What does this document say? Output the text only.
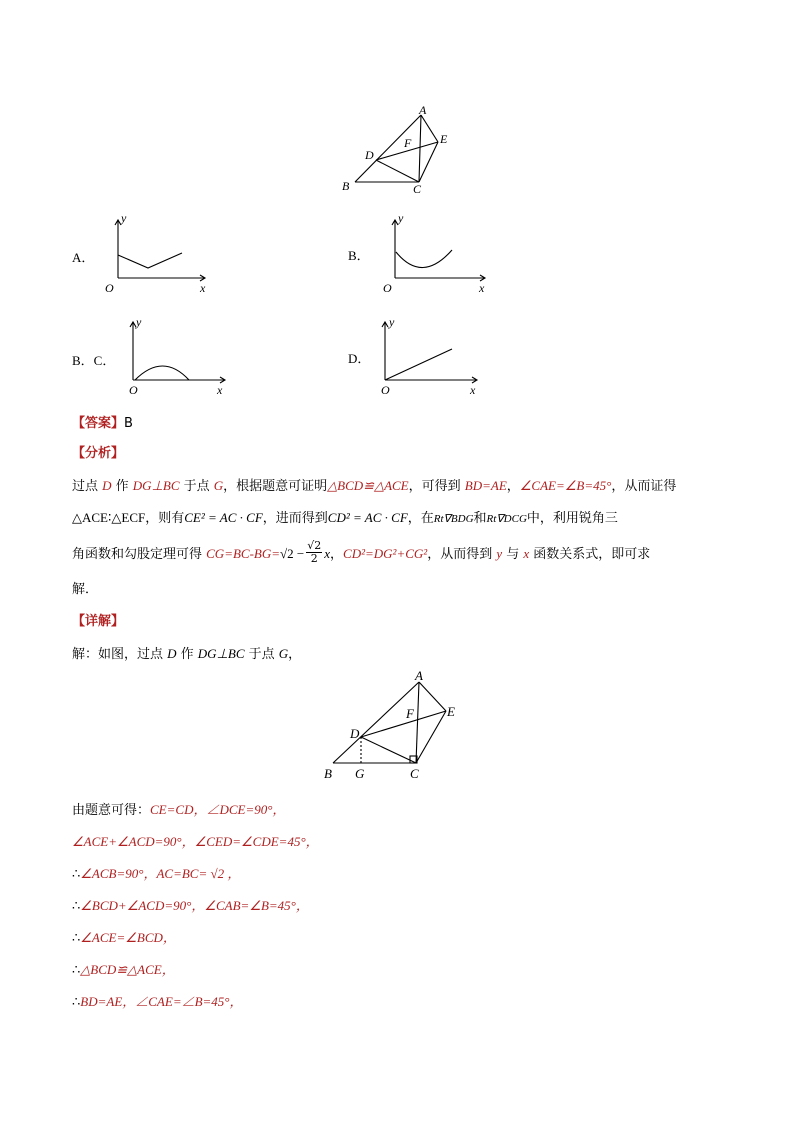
A
E
F
D
B	C
A．
y
O	x
B．
y
O	x
B．C．
y
O	x
D．
y
O	x
【答案】B
【分析】
过点 D 作 DG⊥BC 于点 G，根据题意可证明△BCD≌△ACE，可得到 BD=AE，∠CAE=∠B=45°，从而证得
△ACE∶△ECF，则有CE² = AC · CF，进而得到CD² = AC · CF，在Rt∇BDG和Rt∇DCG中，利用锐角三
角函数和勾股定理可得 $CG=BC-BG=√2 - \frac{√2}{2}$ x，CD²=DG²+CG²，从而得到 y 与 x 函数关系式，即可求
解．
【详解】
解：如图，过点 D 作 DG⊥BC 于点 G，
A
E
F
D
B G	C
由题意可得：CE=CD，∠DCE=90°，
∠ACE+∠ACD=90°，∠CED=∠CDE=45°，
∴∠ACB=90°，AC=BC= √2 ，
∴∠BCD+∠ACD=90°，∠CAB=∠B=45°，
∴∠ACE=∠BCD，
∴△BCD≌△ACE，
∴BD=AE，∠CAE=∠B=45°，
